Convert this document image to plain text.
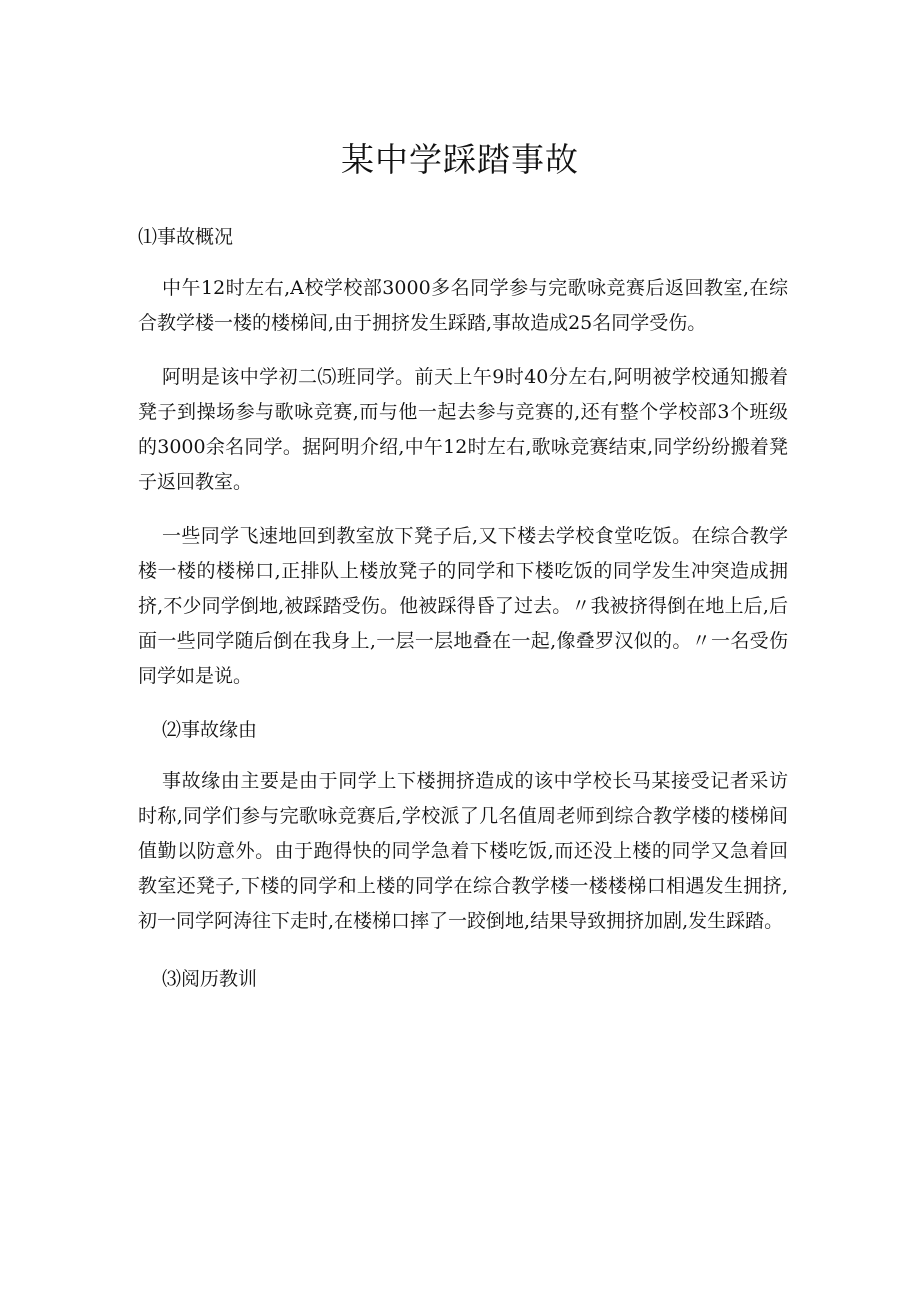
某中学踩踏事故
⑴事故概况

中午12时左右,A校学校部3000多名同学参与完歌咏竞赛后返回教室,在综合教学楼一楼的楼梯间,由于拥挤发生踩踏,事故造成25名同学受伤。

阿明是该中学初二⑸班同学。前天上午9时40分左右,阿明被学校通知搬着凳子到操场参与歌咏竞赛,而与他一起去参与竞赛的,还有整个学校部3个班级的3000余名同学。据阿明介绍,中午12时左右,歌咏竞赛结束,同学纷纷搬着凳子返回教室。

一些同学飞速地回到教室放下凳子后,又下楼去学校食堂吃饭。在综合教学楼一楼的楼梯口,正排队上楼放凳子的同学和下楼吃饭的同学发生冲突造成拥挤,不少同学倒地,被踩踏受伤。他被踩得昏了过去。〃我被挤得倒在地上后,后面一些同学随后倒在我身上,一层一层地叠在一起,像叠罗汉似的。〃一名受伤同学如是说。

⑵事故缘由

事故缘由主要是由于同学上下楼拥挤造成的该中学校长马某接受记者采访时称,同学们参与完歌咏竞赛后,学校派了几名值周老师到综合教学楼的楼梯间值勤以防意外。由于跑得快的同学急着下楼吃饭,而还没上楼的同学又急着回教室还凳子,下楼的同学和上楼的同学在综合教学楼一楼楼梯口相遇发生拥挤,初一同学阿涛往下走时,在楼梯口摔了一跤倒地,结果导致拥挤加剧,发生踩踏。

⑶阅历教训
